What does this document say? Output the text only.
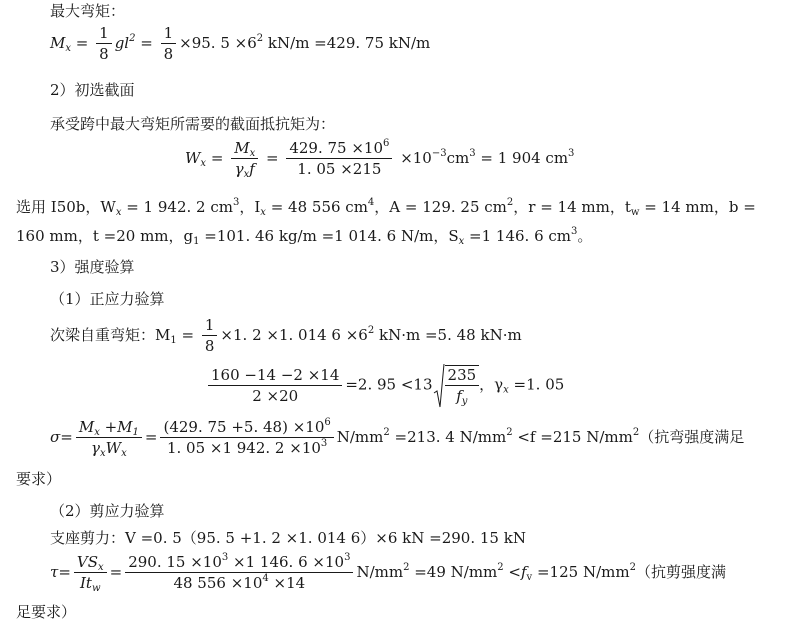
最大弯矩：
$M_x = \frac{1}{8} gl^2 = \frac{1}{8} \times 95$. $5 \times 6^2$ kN/m =429. 75 kN/m
2）初选截面
承受跨中最大弯矩所需要的截面抵抗矩为：
$W_x = \frac{M_x}{\gamma_xf} = \frac{429. 75 \times 10^6}{1. 05 \times 215} \times 10^{-3}cm^3 = 1$ 904 $cm^3$
选用 I50b，$W_x = 1$ 942. 2 $cm^3$，$I_x = 48$ 556 $cm^4$，A = 129. 25 $cm^2$，r = 14 mm，$t_w = 14$ mm，b =
160 mm，t =20 mm，$g_1 =101$. 46 kg/m =1 014. 6 N/m，$S_x =1$ 146. 6 $cm^3$。
3）强度验算
（1）正应力验算
次梁自重弯矩：$M_1 = \frac{1}{8} \times 1$. 2 ×1. 014 $6 \times 6^2$ kN·m =5. 48 kN·m
$\frac{160 -14 -2 \times 14}{2 \times 20} =2$. $95 <13 \frac{235}{f_y}$ ，$\gamma_x =1$. 05
$\sigma= \frac{M_x +M_1}{\gamma_xW_x} = \frac{(429. 75 +5. 48) \times 10^6}{1. 05 \times 1 942. 2 \times 10^3} N/mm^2 =213$. 4 $N/mm^2 <f =215$ $N/mm^2$（抗弯强度满足
要求）
（2）剪应力验算
支座剪力：V =0. 5（95. 5 +1. 2 ×1. 014 6）×6 kN =290. 15 kN
$\tau= \frac{VS_x}{It_w} = \frac{290. 15 \times 10^3 \times 1 146. 6 \times 10^3}{48 556 \times 10^4 \times 14} N/mm^2 =49$ $N/mm^2 <f_v =125$ $N/mm^2$（抗剪强度满
足要求）
